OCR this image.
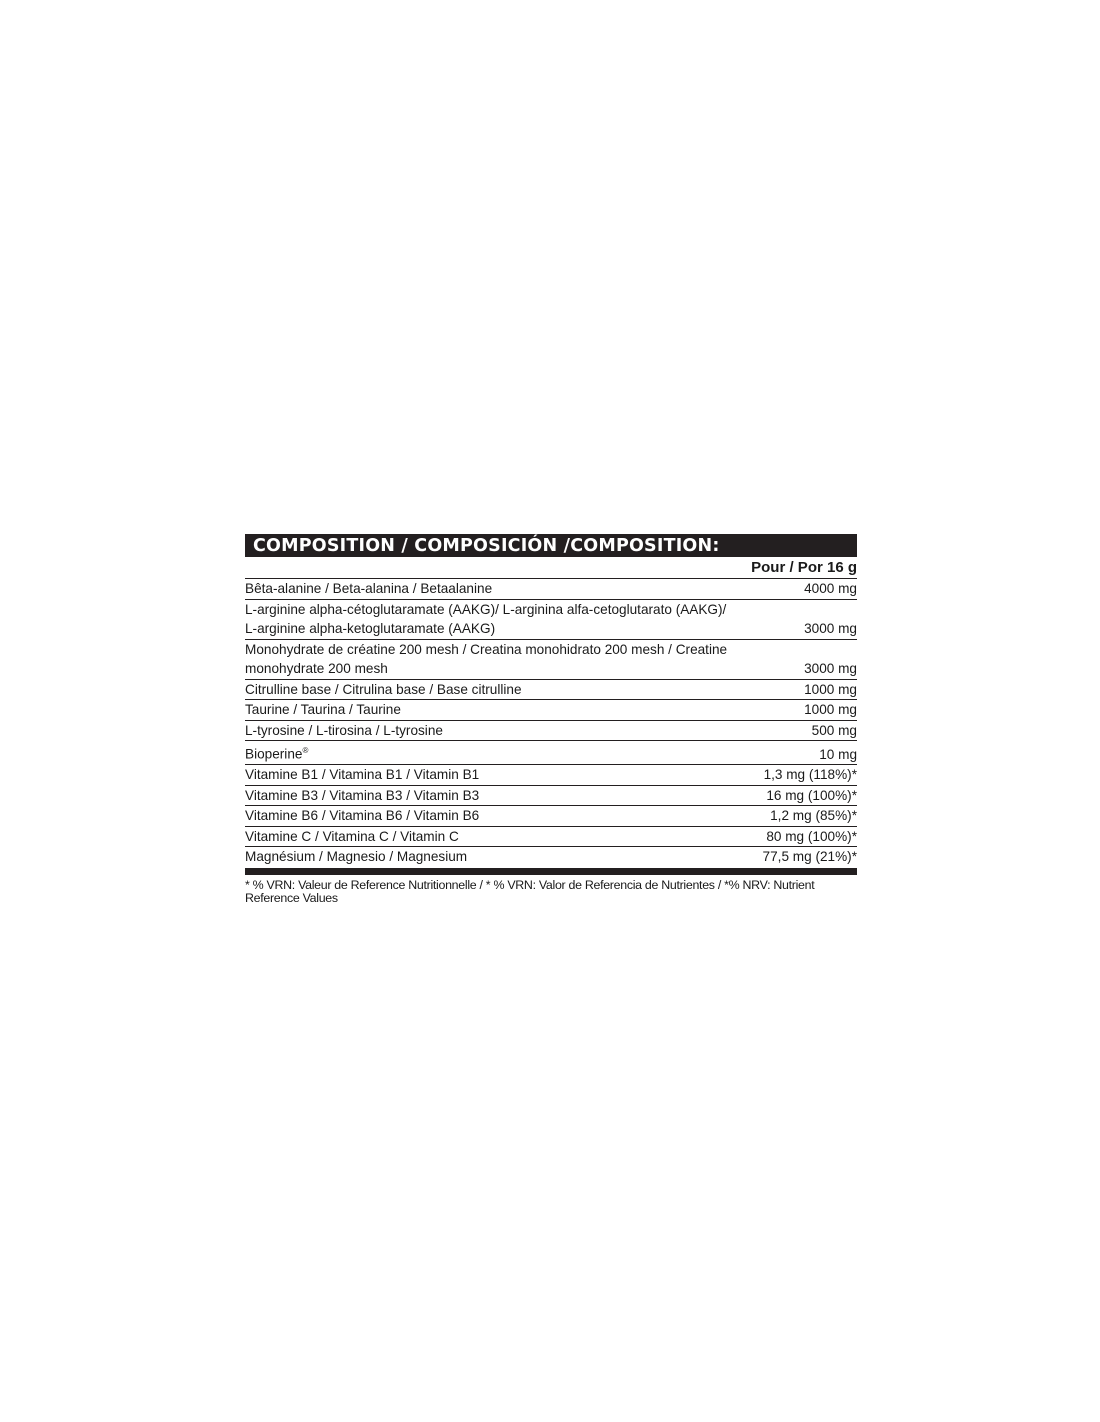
COMPOSITION / COMPOSICIÓN /COMPOSITION:
Pour / Por 16 g
Bêta-alanine / Beta-alanina / Betaalanine	4000 mg
L-arginine alpha-cétoglutaramate (AAKG)/ L-arginina alfa-cetoglutarato (AAKG)/
L-arginine alpha-ketoglutaramate (AAKG)	3000 mg
Monohydrate de créatine 200 mesh / Creatina monohidrato 200 mesh / Creatine
monohydrate 200 mesh	3000 mg
Citrulline base / Citrulina base / Base citrulline	1000 mg
Taurine / Taurina / Taurine	1000 mg
L-tyrosine / L-tirosina / L-tyrosine	500 mg
Bioperine®	10 mg
Vitamine B1 / Vitamina B1 / Vitamin B1	1,3 mg (118%)*
Vitamine B3 / Vitamina B3 / Vitamin B3	16 mg (100%)*
Vitamine B6 / Vitamina B6 / Vitamin B6	1,2 mg (85%)*
Vitamine C / Vitamina C / Vitamin C	80 mg (100%)*
Magnésium / Magnesio / Magnesium	77,5 mg (21%)*
* % VRN: Valeur de Reference Nutritionnelle / * % VRN: Valor de Referencia de Nutrientes / *% NRV: Nutrient Reference Values
